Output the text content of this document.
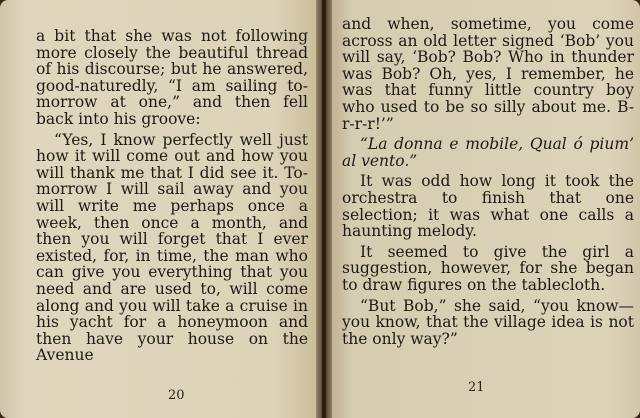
a bit that she was not following more closely the beautiful thread of his discourse; but he answered, good-naturedly, “I am sailing to-morrow at one,” and then fell back into his groove:

“Yes, I know perfectly well just how it will come out and how you will thank me that I did see it. To-morrow I will sail away and you will write me perhaps once a week, then once a month, and then you will forget that I ever existed, for, in time, the man who can give you everything that you need and are used to, will come along and you will take a cruise in his yacht for a honeymoon and then have your house on the Avenue

20

and when, sometime, you come across an old letter signed ‘Bob’ you will say, ‘Bob? Bob? Who in thunder was Bob? Oh, yes, I remember, he was that funny little country boy who used to be so silly about me. B-r-r-r!’”

“La donna e mobile, Qual ó pium’ al vento.”

It was odd how long it took the orchestra to finish that one selection; it was what one calls a haunting melody.

It seemed to give the girl a suggestion, however, for she began to draw figures on the tablecloth.

“But Bob,” she said, “you know—you know, that the village idea is not the only way?”

21
